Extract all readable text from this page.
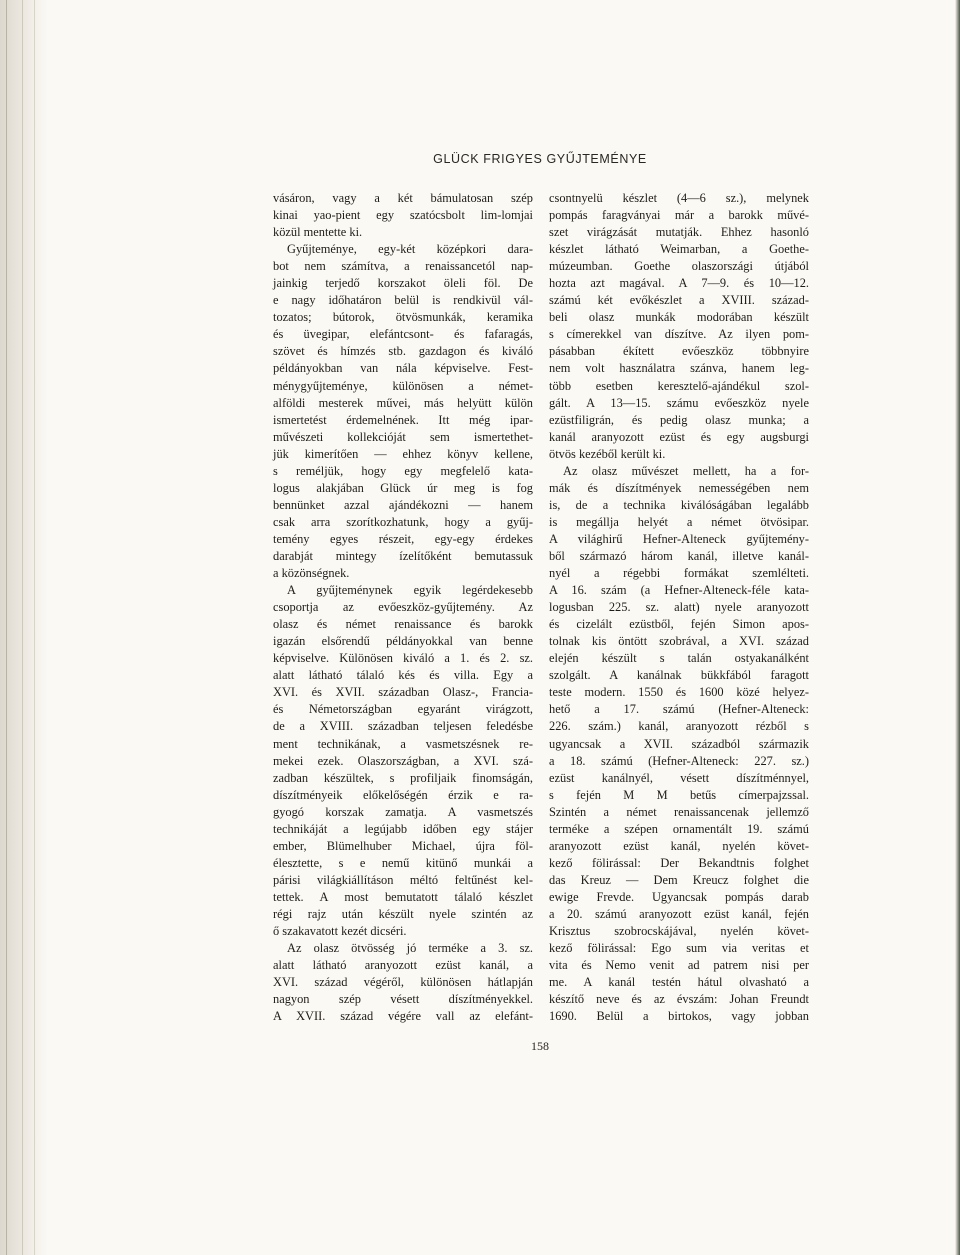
GLÜCK FRIGYES GYŰJTEMÉNYE
vásáron, vagy a két bámulatosan szép
kinai yao-pient egy szatócsbolt lim-lomjai
közül mentette ki.
Gyűjteménye, egy-két középkori dara-
bot nem számítva, a renaissancetól nap-
jainkig terjedő korszakot öleli föl. De
e nagy időhatáron belül is rendkivül vál-
tozatos; bútorok, ötvösmunkák, keramika
és üvegipar, elefántcsont- és fafaragás,
szövet és hímzés stb. gazdagon és kiváló
példányokban van nála képviselve. Fest-
ménygyűjteménye, különösen a német-
alföldi mesterek művei, más helyütt külön
ismertetést érdemelnének. Itt még ipar-
művészeti kollekcióját sem ismertethet-
jük kimerítően — ehhez könyv kellene,
s reméljük, hogy egy megfelelő kata-
logus alakjában Glück úr meg is fog
bennünket azzal ajándékozni — hanem
csak arra szorítkozhatunk, hogy a gyűj-
temény egyes részeit, egy-egy érdekes
darabját mintegy ízelítőként bemutassuk
a közönségnek.
A gyűjteménynek egyik legérdekesebb
csoportja az evőeszköz-gyűjtemény. Az
olasz és német renaissance és barokk
igazán elsőrendű példányokkal van benne
képviselve. Különösen kiváló a 1. és 2. sz.
alatt látható tálaló kés és villa. Egy a
XVI. és XVII. században Olasz-, Francia-
és Németországban egyaránt virágzott,
de a XVIII. században teljesen feledésbe
ment technikának, a vasmetszésnek re-
mekei ezek. Olaszországban, a XVI. szá-
zadban készültek, s profiljaik finomságán,
díszítményeik előkelőségén érzik e ra-
gyogó korszak zamatja. A vasmetszés
technikáját a legújabb időben egy stájer
ember, Blümelhuber Michael, újra föl-
élesztette, s e nemű kitünő munkái a
párisi világkiállításon méltó feltűnést kel-
tettek. A most bemutatott tálaló készlet
régi rajz után készült nyele szintén az
ő szakavatott kezét dicséri.
Az olasz ötvösség jó terméke a 3. sz.
alatt látható aranyozott ezüst kanál, a
XVI. század végéről, különösen hátlapján
nagyon szép vésett díszítményekkel.
A XVII. század végére vall az elefánt-
csontnyelü készlet (4—6 sz.), melynek
pompás faragványai már a barokk művé-
szet virágzását mutatják. Ehhez hasonló
készlet látható Weimarban, a Goethe-
múzeumban. Goethe olaszországi útjából
hozta azt magával. A 7—9. és 10—12.
számú két evőkészlet a XVIII. század-
beli olasz munkák modorában készült
s címerekkel van díszítve. Az ilyen pom-
pásabban ékített evőeszköz többnyire
nem volt használatra szánva, hanem leg-
több esetben keresztelő-ajándékul szol-
gált. A 13—15. számu evőeszköz nyele
ezüstfiligrán, és pedig olasz munka; a
kanál aranyozott ezüst és egy augsburgi
ötvös kezéből került ki.
Az olasz művészet mellett, ha a for-
mák és díszítmények nemességében nem
is, de a technika kiválóságában legalább
is megállja helyét a német ötvösipar.
A világhirű Hefner-Alteneck gyűjtemény-
ből származó három kanál, illetve kanál-
nyél a régebbi formákat szemlélteti.
A 16. szám (a Hefner-Alteneck-féle kata-
logusban 225. sz. alatt) nyele aranyozott
és cizelált ezüstből, fején Simon apos-
tolnak kis öntött szobrával, a XVI. század
elején készült s talán ostyakanálként
szolgált. A kanálnak bükkfából faragott
teste modern. 1550 és 1600 közé helyez-
hető a 17. számú (Hefner-Alteneck:
226. szám.) kanál, aranyozott rézből s
ugyancsak a XVII. századból származik
a 18. számú (Hefner-Alteneck: 227. sz.)
ezüst kanálnyél, vésett díszítménnyel,
s fején M M betűs címerpajzssal.
Szintén a német renaissancenak jellemző
terméke a szépen ornamentált 19. számú
aranyozott ezüst kanál, nyelén követ-
kező fölirással: Der Bekandtnis folghet
das Kreuz — Dem Kreucz folghet die
ewige Frevde. Ugyancsak pompás darab
a 20. számú aranyozott ezüst kanál, fején
Krisztus szobrocskájával, nyelén követ-
kező fölirással: Ego sum via veritas et
vita és Nemo venit ad patrem nisi per
me. A kanál testén hátul olvasható a
készítő neve és az évszám: Johan Freundt
1690. Belül a birtokos, vagy jobban
158
